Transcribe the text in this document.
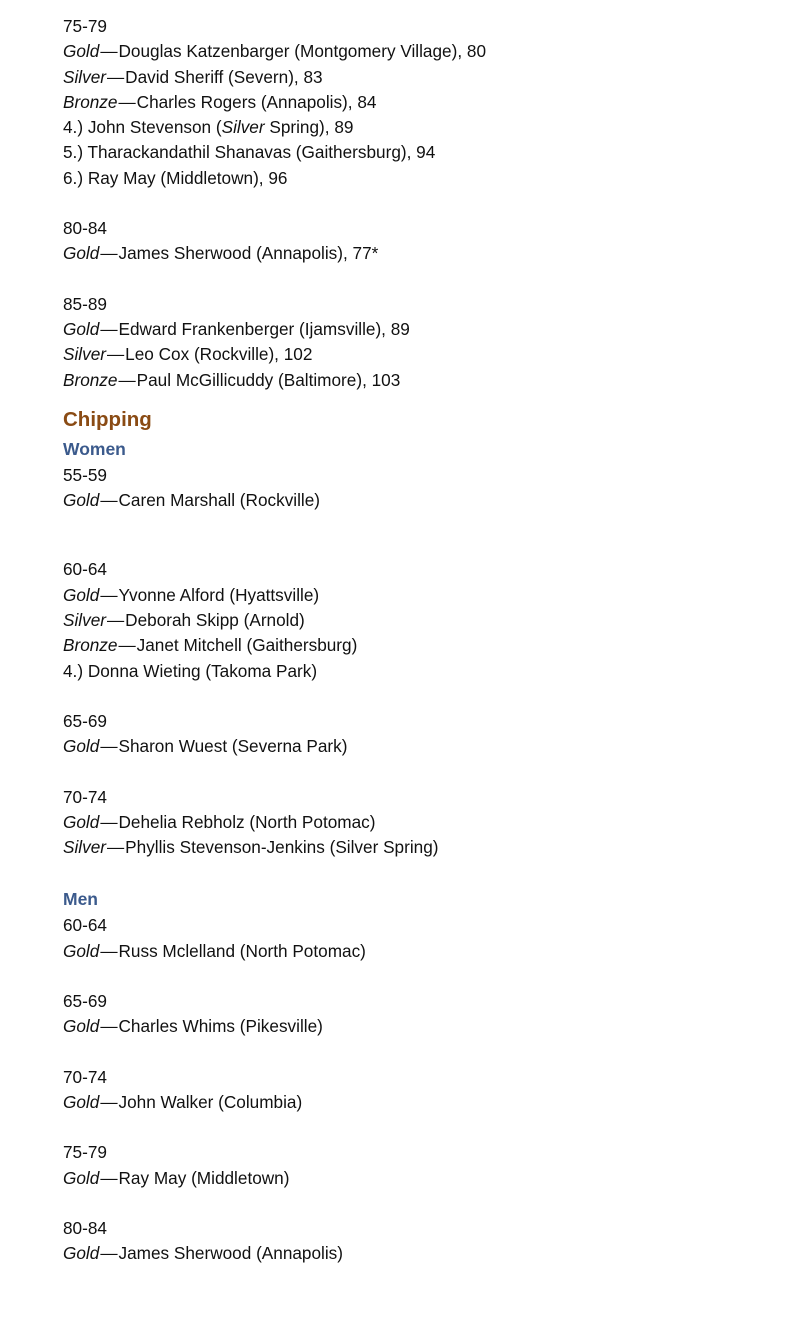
75-79
Gold—Douglas Katzenbarger (Montgomery Village), 80
Silver—David Sheriff (Severn), 83
Bronze—Charles Rogers (Annapolis), 84
4.) John Stevenson (Silver Spring), 89
5.) Tharackandathil Shanavas (Gaithersburg), 94
6.) Ray May (Middletown), 96
80-84
Gold—James Sherwood (Annapolis), 77*
85-89
Gold—Edward Frankenberger (Ijamsville), 89
Silver—Leo Cox (Rockville), 102
Bronze—Paul McGillicuddy (Baltimore), 103
Chipping
Women
55-59
Gold—Caren Marshall (Rockville)
60-64
Gold—Yvonne Alford (Hyattsville)
Silver—Deborah Skipp (Arnold)
Bronze—Janet Mitchell (Gaithersburg)
4.) Donna Wieting (Takoma Park)
65-69
Gold—Sharon Wuest (Severna Park)
70-74
Gold—Dehelia Rebholz (North Potomac)
Silver—Phyllis Stevenson-Jenkins (Silver Spring)
Men
60-64
Gold—Russ Mclelland (North Potomac)
65-69
Gold—Charles Whims (Pikesville)
70-74
Gold—John Walker (Columbia)
75-79
Gold—Ray May (Middletown)
80-84
Gold—James Sherwood (Annapolis)
